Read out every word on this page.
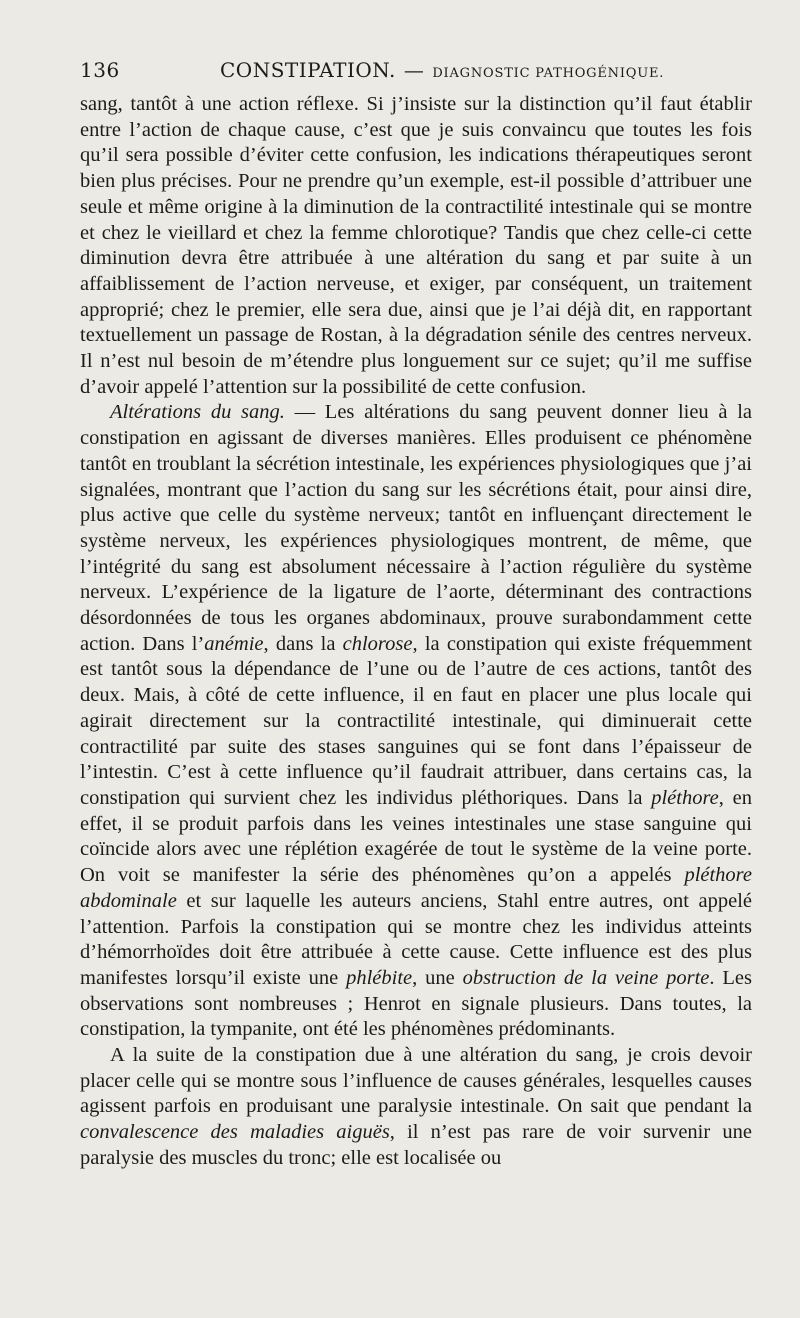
136	CONSTIPATION. — DIAGNOSTIC PATHOGÉNIQUE.

sang, tantôt à une action réflexe. Si j’insiste sur la distinction qu’il faut établir entre l’action de chaque cause, c’est que je suis convaincu que toutes les fois qu’il sera possible d’éviter cette confusion, les indications thérapeutiques seront bien plus précises. Pour ne prendre qu’un exemple, est-il possible d’attribuer une seule et même origine à la diminution de la contractilité intestinale qui se montre et chez le vieillard et chez la femme chlorotique? Tandis que chez celle-ci cette diminution devra être attribuée à une altération du sang et par suite à un affaiblissement de l’action nerveuse, et exiger, par conséquent, un traitement approprié; chez le premier, elle sera due, ainsi que je l’ai déjà dit, en rapportant textuellement un passage de Rostan, à la dégradation sénile des centres nerveux. Il n’est nul besoin de m’étendre plus longuement sur ce sujet; qu’il me suffise d’avoir appelé l’attention sur la possibilité de cette confusion.

Altérations du sang. — Les altérations du sang peuvent donner lieu à la constipation en agissant de diverses manières. Elles produisent ce phénomène tantôt en troublant la sécrétion intestinale, les expériences physiologiques que j’ai signalées, montrant que l’action du sang sur les sécrétions était, pour ainsi dire, plus active que celle du système nerveux; tantôt en influençant directement le système nerveux, les expériences physiologiques montrent, de même, que l’intégrité du sang est absolument nécessaire à l’action régulière du système nerveux. L’expérience de la ligature de l’aorte, déterminant des contractions désordonnées de tous les organes abdominaux, prouve surabondamment cette action. Dans l’anémie, dans la chlorose, la constipation qui existe fréquemment est tantôt sous la dépendance de l’une ou de l’autre de ces actions, tantôt des deux. Mais, à côté de cette influence, il en faut en placer une plus locale qui agirait directement sur la contractilité intestinale, qui diminuerait cette contractilité par suite des stases sanguines qui se font dans l’épaisseur de l’intestin. C’est à cette influence qu’il faudrait attribuer, dans certains cas, la constipation qui survient chez les individus pléthoriques. Dans la pléthore, en effet, il se produit parfois dans les veines intestinales une stase sanguine qui coïncide alors avec une réplétion exagérée de tout le système de la veine porte. On voit se manifester la série des phénomènes qu’on a appelés pléthore abdominale et sur laquelle les auteurs anciens, Stahl entre autres, ont appelé l’attention. Parfois la constipation qui se montre chez les individus atteints d’hémorrhoïdes doit être attribuée à cette cause. Cette influence est des plus manifestes lorsqu’il existe une phlébite, une obstruction de la veine porte. Les observations sont nombreuses ; Henrot en signale plusieurs. Dans toutes, la constipation, la tympanite, ont été les phénomènes prédominants.

A la suite de la constipation due à une altération du sang, je crois devoir placer celle qui se montre sous l’influence de causes générales, lesquelles causes agissent parfois en produisant une paralysie intestinale. On sait que pendant la convalescence des maladies aiguës, il n’est pas rare de voir survenir une paralysie des muscles du tronc; elle est localisée ou
